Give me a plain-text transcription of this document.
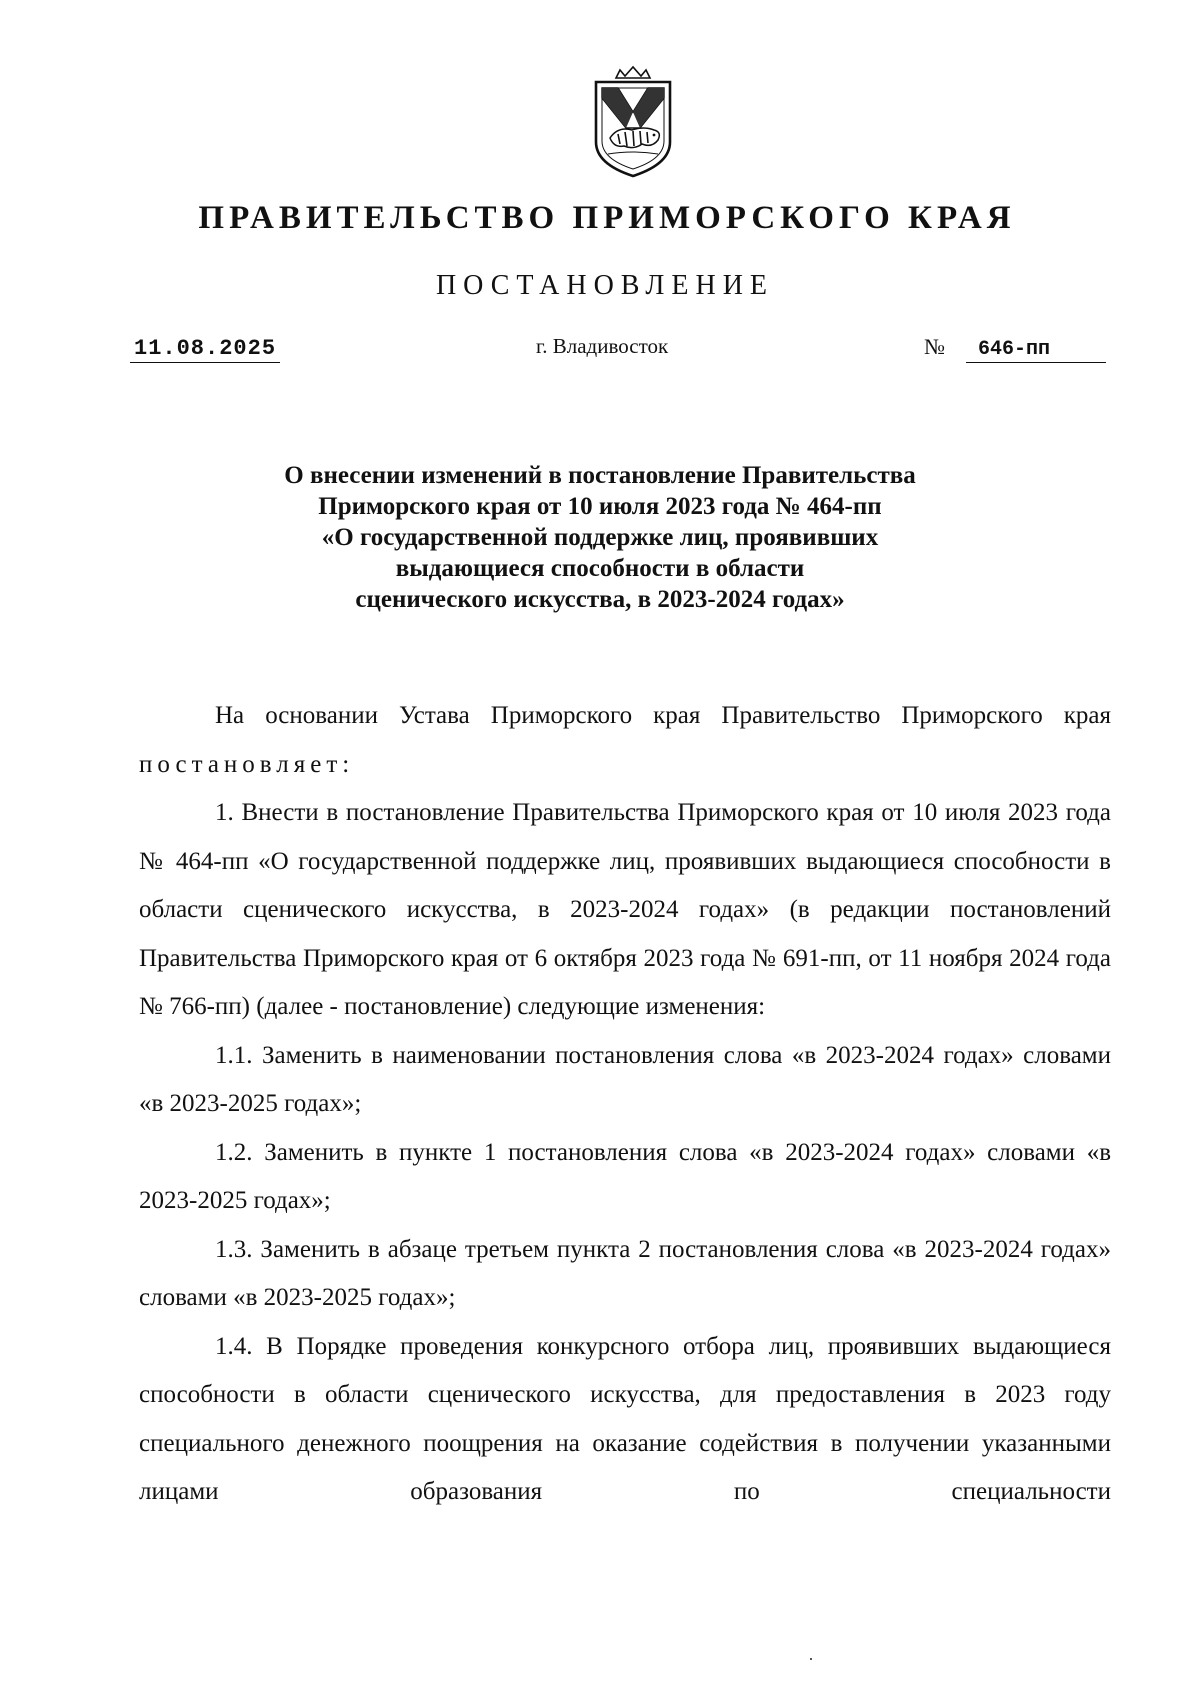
ПРАВИТЕЛЬСТВО ПРИМОРСКОГО КРАЯ
ПОСТАНОВЛЕНИЕ
11.08.2025	г. Владивосток	№	646-пп
О внесении изменений в постановление Правительства
Приморского края от 10 июля 2023 года № 464-пп
«О государственной поддержке лиц, проявивших
выдающиеся способности в области
сценического искусства, в 2023-2024 годах»

На основании Устава Приморского края Правительство Приморского края постановляет:

1. Внести в постановление Правительства Приморского края от 10 июля 2023 года № 464-пп «О государственной поддержке лиц, проявивших выдающиеся способности в области сценического искусства, в 2023-2024 годах» (в редакции постановлений Правительства Приморского края от 6 октября 2023 года № 691-пп, от 11 ноября 2024 года № 766-пп) (далее - постановление) следующие изменения:

1.1. Заменить в наименовании постановления слова «в 2023-2024 годах» словами «в 2023-2025 годах»;

1.2. Заменить в пункте 1 постановления слова «в 2023-2024 годах» словами «в 2023-2025 годах»;

1.3. Заменить в абзаце третьем пункта 2 постановления слова «в 2023-2024 годах» словами «в 2023-2025 годах»;

1.4. В Порядке проведения конкурсного отбора лиц, проявивших выдающиеся способности в области сценического искусства, для предоставления в 2023 году специального денежного поощрения на оказание содействия в получении указанными лицами образования по специальности
